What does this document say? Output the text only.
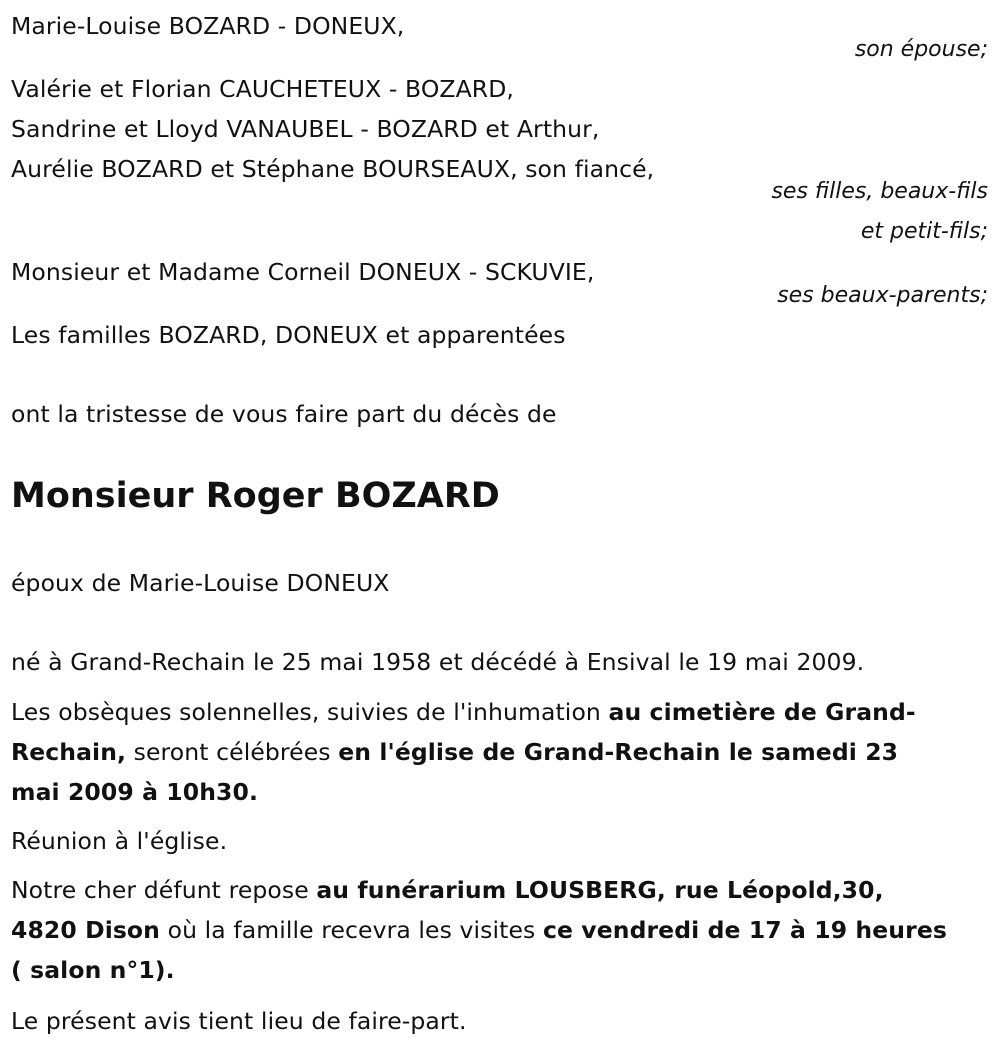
Marie-Louise BOZARD - DONEUX,
son épouse;
Valérie et Florian CAUCHETEUX - BOZARD,
Sandrine et Lloyd VANAUBEL - BOZARD et Arthur,
Aurélie BOZARD et Stéphane BOURSEAUX, son fiancé,
ses filles, beaux-fils
et petit-fils;
Monsieur et Madame Corneil DONEUX - SCKUVIE,
ses beaux-parents;
Les familles BOZARD, DONEUX et apparentées
ont la tristesse de vous faire part du décès de
Monsieur Roger BOZARD
époux de Marie-Louise DONEUX
né à Grand-Rechain le 25 mai 1958 et décédé à Ensival le 19 mai 2009.
Les obsèques solennelles, suivies de l'inhumation au cimetière de Grand-
Rechain, seront célébrées en l'église de Grand-Rechain le samedi 23
mai 2009 à 10h30.
Réunion à l'église.
Notre cher défunt repose au funérarium LOUSBERG, rue Léopold,30,
4820 Dison où la famille recevra les visites ce vendredi de 17 à 19 heures
( salon n°1).
Le présent avis tient lieu de faire-part.
